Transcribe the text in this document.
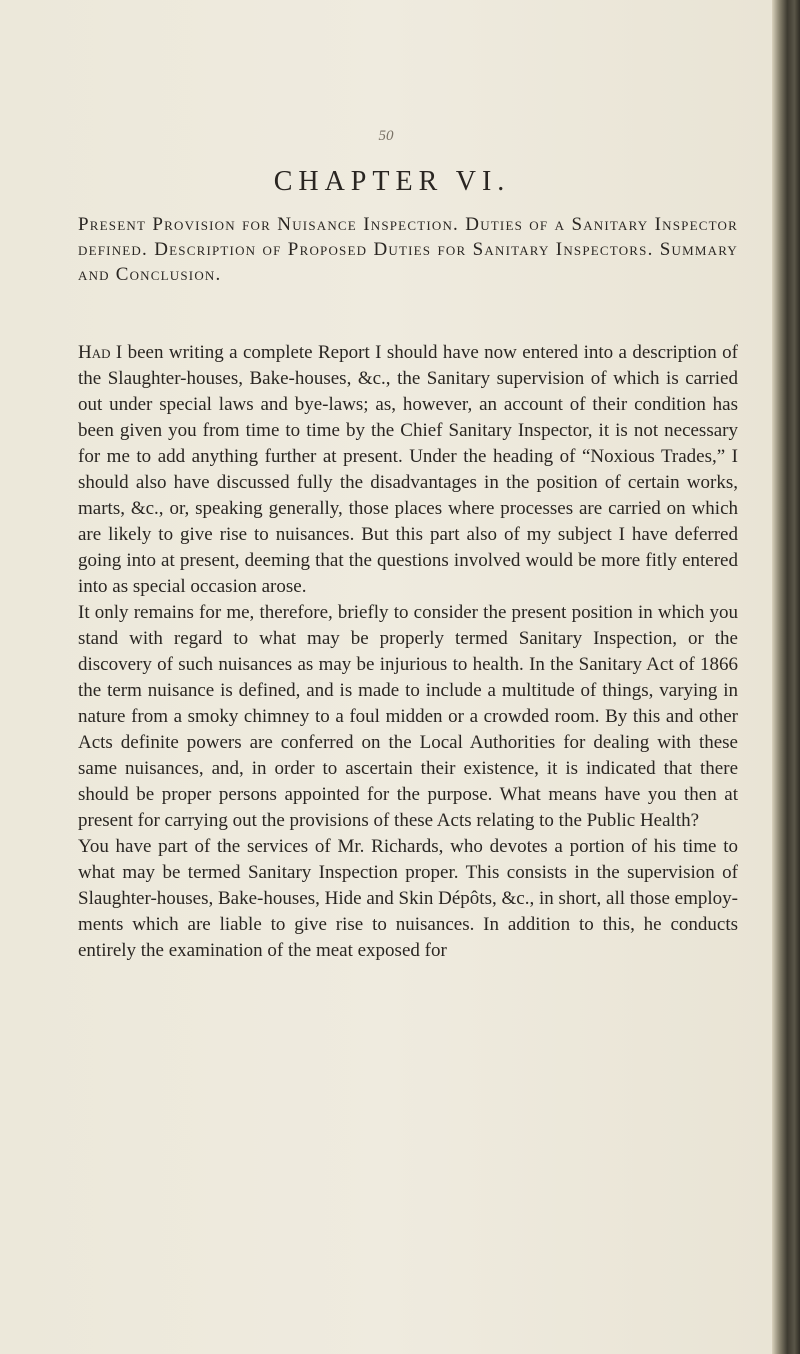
50
CHAPTER VI.

Present Provision for Nuisance Inspection. Duties of a Sanitary Inspector defined. Description of Proposed Duties for Sanitary Inspectors. Summary and Conclusion.

Had I been writing a complete Report I should have now entered into a description of the Slaughter-houses, Bake-houses, &c., the Sanitary supervision of which is carried out under special laws and bye-laws; as, however, an account of their condition has been given you from time to time by the Chief Sanitary Inspector, it is not necessary for me to add anything further at present. Under the heading of “Noxious Trades,” I should also have discussed fully the disadvantages in the position of certain works, marts, &c., or, speaking generally, those places where processes are carried on which are likely to give rise to nuisances. But this part also of my subject I have deferred going into at present, deeming that the questions involved would be more fitly entered into as special occasion arose.

It only remains for me, therefore, briefly to consider the present position in which you stand with regard to what may be properly termed Sanitary Inspection, or the discovery of such nuisances as may be injurious to health. In the Sanitary Act of 1866 the term nuisance is defined, and is made to include a multitude of things, varying in nature from a smoky chimney to a foul midden or a crowded room. By this and other Acts definite powers are conferred on the Local Authorities for dealing with these same nuisances, and, in order to ascertain their existence, it is indicated that there should be proper persons appointed for the purpose. What means have you then at present for carrying out the provisions of these Acts relating to the Public Health?

You have part of the services of Mr. Richards, who devotes a portion of his time to what may be termed Sanitary Inspection proper. This consists in the supervision of Slaughter-houses, Bake-houses, Hide and Skin Dépôts, &c., in short, all those employments which are liable to give rise to nuisances. In addition to this, he conducts entirely the examination of the meat exposed for
